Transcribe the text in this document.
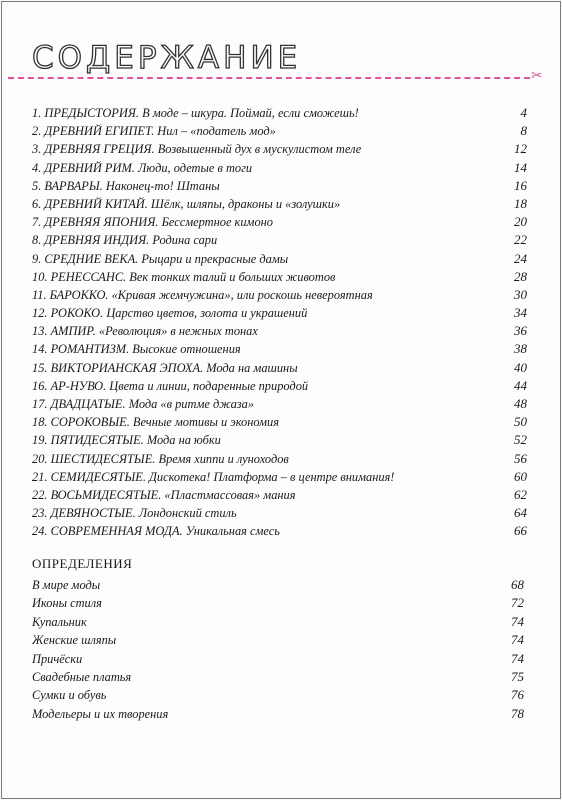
СОДЕРЖАНИЕ	✂
1. ПРЕДЫСТОРИЯ. В моде – шкура. Поймай, если сможешь!	4
2. ДРЕВНИЙ ЕГИПЕТ. Нил – «податель мод»	8
3. ДРЕВНЯЯ ГРЕЦИЯ. Возвышенный дух в мускулистом теле	12
4. ДРЕВНИЙ РИМ. Люди, одетые в тоги	14
5. ВАРВАРЫ. Наконец-то! Штаны	16
6. ДРЕВНИЙ КИТАЙ. Шёлк, шляпы, драконы и «золушки»	18
7. ДРЕВНЯЯ ЯПОНИЯ. Бессмертное кимоно	20
8. ДРЕВНЯЯ ИНДИЯ. Родина сари	22
9. СРЕДНИЕ ВЕКА. Рыцари и прекрасные дамы	24
10. РЕНЕССАНС. Век тонких талий и больших животов	28
11. БАРОККО. «Кривая жемчужина», или роскошь невероятная	30
12. РОКОКО. Царство цветов, золота и украшений	34
13. АМПИР. «Революция» в нежных тонах	36
14. РОМАНТИЗМ. Высокие отношения	38
15. ВИКТОРИАНСКАЯ ЭПОХА. Мода на машины	40
16. АР-НУВО. Цвета и линии, подаренные природой	44
17. ДВАДЦАТЫЕ. Мода «в ритме джаза»	48
18. СОРОКОВЫЕ. Вечные мотивы и экономия	50
19. ПЯТИДЕСЯТЫЕ. Мода на юбки	52
20. ШЕСТИДЕСЯТЫЕ. Время хиппи и луноходов	56
21. СЕМИДЕСЯТЫЕ. Дискотека! Платформа – в центре внимания!	60
22. ВОСЬМИДЕСЯТЫЕ. «Пластмассовая» мания	62
23. ДЕВЯНОСТЫЕ. Лондонский стиль	64
24. СОВРЕМЕННАЯ МОДА. Уникальная смесь	66
ОПРЕДЕЛЕНИЯ
В мире моды	68
Иконы стиля	72
Купальник	74
Женские шляпы	74
Причёски	74
Свадебные платья	75
Сумки и обувь	76
Модельеры и их творения	78
